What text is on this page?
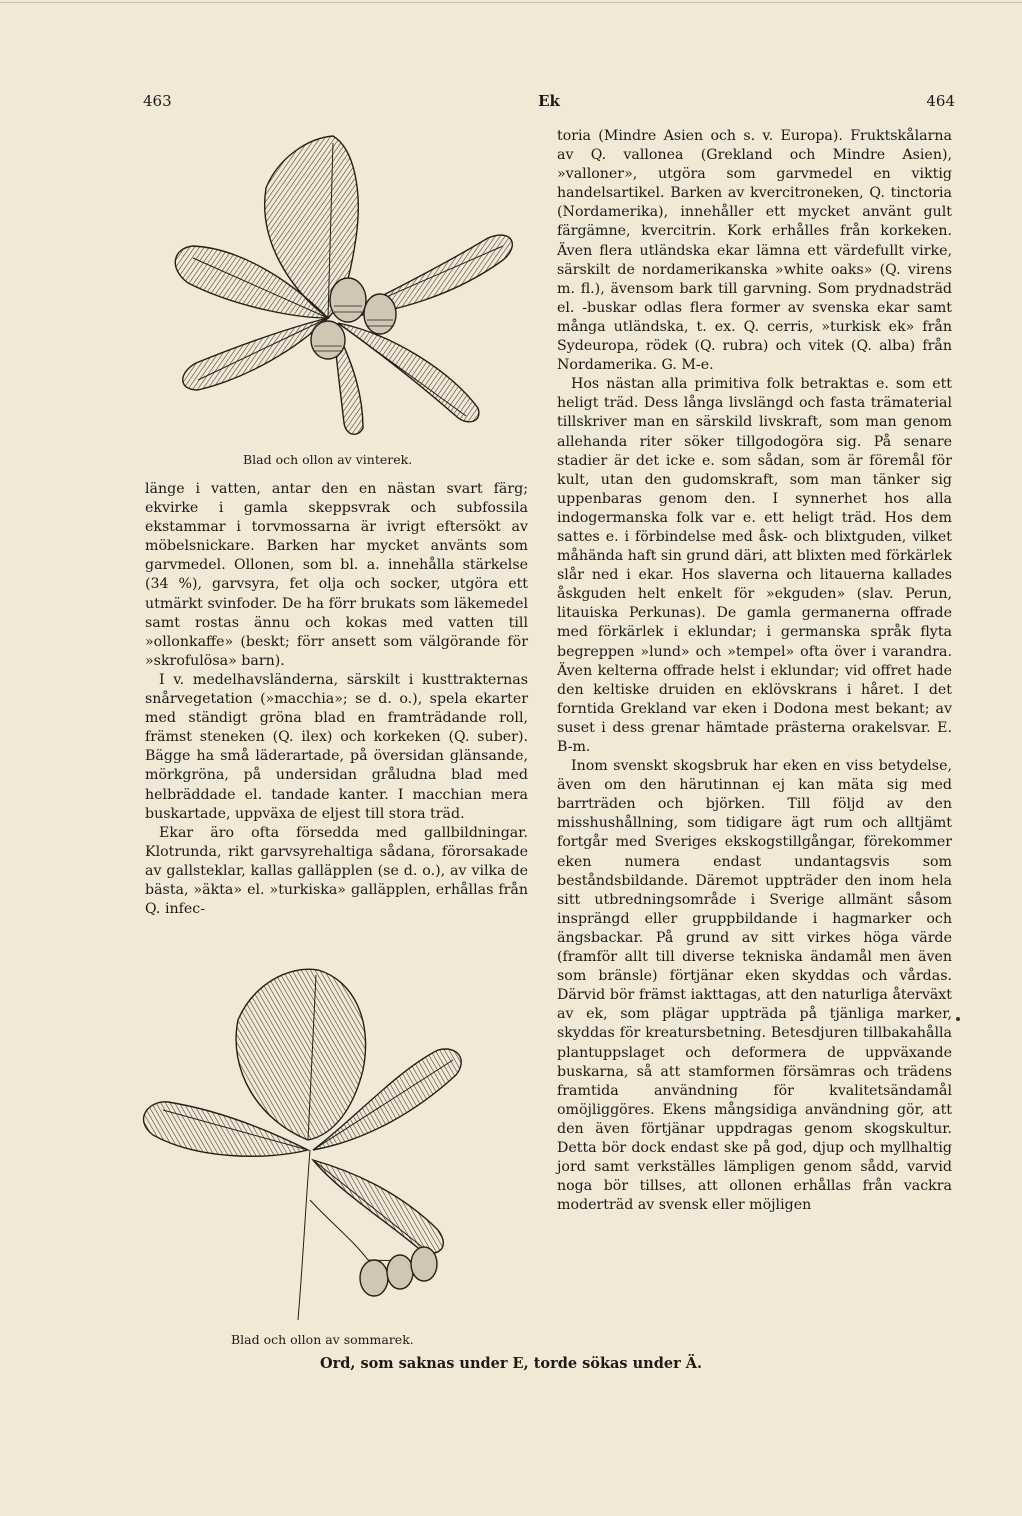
463	Ek	464
Blad och ollon av vinterek.

länge i vatten, antar den en nästan svart färg; ekvirke i gamla skeppsvrak och subfossila ekstammar i torvmossarna är ivrigt eftersökt av möbelsnickare. Barken har mycket använts som garvmedel. Ollonen, som bl. a. innehålla stärkelse (34 %), garvsyra, fet olja och socker, utgöra ett utmärkt svinfoder. De ha förr brukats som läkemedel samt rostas ännu och kokas med vatten till »ollonkaffe» (beskt; förr ansett som välgörande för »skrofulösa» barn).

I v. medelhavsländerna, särskilt i kusttrakternas snårvegetation (»macchia»; se d. o.), spela ekarter med ständigt gröna blad en framträdande roll, främst steneken (Q. ilex) och korkeken (Q. suber). Bägge ha små läderartade, på översidan glänsande, mörkgröna, på undersidan gråludna blad med helbräddade el. tandade kanter. I macchian mera buskartade, uppväxa de eljest till stora träd.

Ekar äro ofta försedda med gallbildningar. Klotrunda, rikt garvsyrehaltiga sådana, förorsakade av gallsteklar, kallas galläpplen (se d. o.), av vilka de bästa, »äkta» el. »turkiska» galläpplen, erhållas från Q. infec-

Blad och ollon av sommarek.

toria (Mindre Asien och s. v. Europa). Fruktskålarna av Q. vallonea (Grekland och Mindre Asien), »valloner», utgöra som garvmedel en viktig handelsartikel. Barken av kvercitroneken, Q. tinctoria (Nordamerika), innehåller ett mycket använt gult färgämne, kvercitrin. Kork erhålles från korkeken. Även flera utländska ekar lämna ett värdefullt virke, särskilt de nordamerikanska »white oaks» (Q. virens m. fl.), ävensom bark till garvning. Som prydnadsträd el. -buskar odlas flera former av svenska ekar samt många utländska, t. ex. Q. cerris, »turkisk ek» från Sydeuropa, rödek (Q. rubra) och vitek (Q. alba) från Nordamerika. G. M-e.

Hos nästan alla primitiva folk betraktas e. som ett heligt träd. Dess långa livslängd och fasta trämaterial tillskriver man en särskild livskraft, som man genom allehanda riter söker tillgodogöra sig. På senare stadier är det icke e. som sådan, som är föremål för kult, utan den gudomskraft, som man tänker sig uppenbaras genom den. I synnerhet hos alla indogermanska folk var e. ett heligt träd. Hos dem sattes e. i förbindelse med åsk- och blixtguden, vilket måhända haft sin grund däri, att blixten med förkärlek slår ned i ekar. Hos slaverna och litauerna kallades åskguden helt enkelt för »ekguden» (slav. Perun, litauiska Perkunas). De gamla germanerna offrade med förkärlek i eklundar; i germanska språk flyta begreppen »lund» och »tempel» ofta över i varandra. Även kelterna offrade helst i eklundar; vid offret hade den keltiske druiden en eklövskrans i håret. I det forntida Grekland var eken i Dodona mest bekant; av suset i dess grenar hämtade prästerna orakelsvar. E. B-m.

Inom svenskt skogsbruk har eken en viss betydelse, även om den härutinnan ej kan mäta sig med barrträden och björken. Till följd av den misshushållning, som tidigare ägt rum och alltjämt fortgår med Sveriges ekskogstillgångar, förekommer eken numera endast undantagsvis som beståndsbildande. Däremot uppträder den inom hela sitt utbredningsområde i Sverige allmänt såsom insprängd eller gruppbildande i hagmarker och ängsbackar. På grund av sitt virkes höga värde (framför allt till diverse tekniska ändamål men även som bränsle) förtjänar eken skyddas och vårdas. Därvid bör främst iakttagas, att den naturliga återväxt av ek, som plägar uppträda på tjänliga marker, skyddas för kreatursbetning. Betesdjuren tillbakahålla plantuppslaget och deformera de uppväxande buskarna, så att stamformen försämras och trädens framtida användning för kvalitetsändamål omöjliggöres. Ekens mångsidiga användning gör, att den även förtjänar uppdragas genom skogskultur. Detta bör dock endast ske på god, djup och myllhaltig jord samt verkställes lämpligen genom sådd, varvid noga bör tillses, att ollonen erhållas från vackra moderträd av svensk eller möjligen

Ord, som saknas under E, torde sökas under Ä.
